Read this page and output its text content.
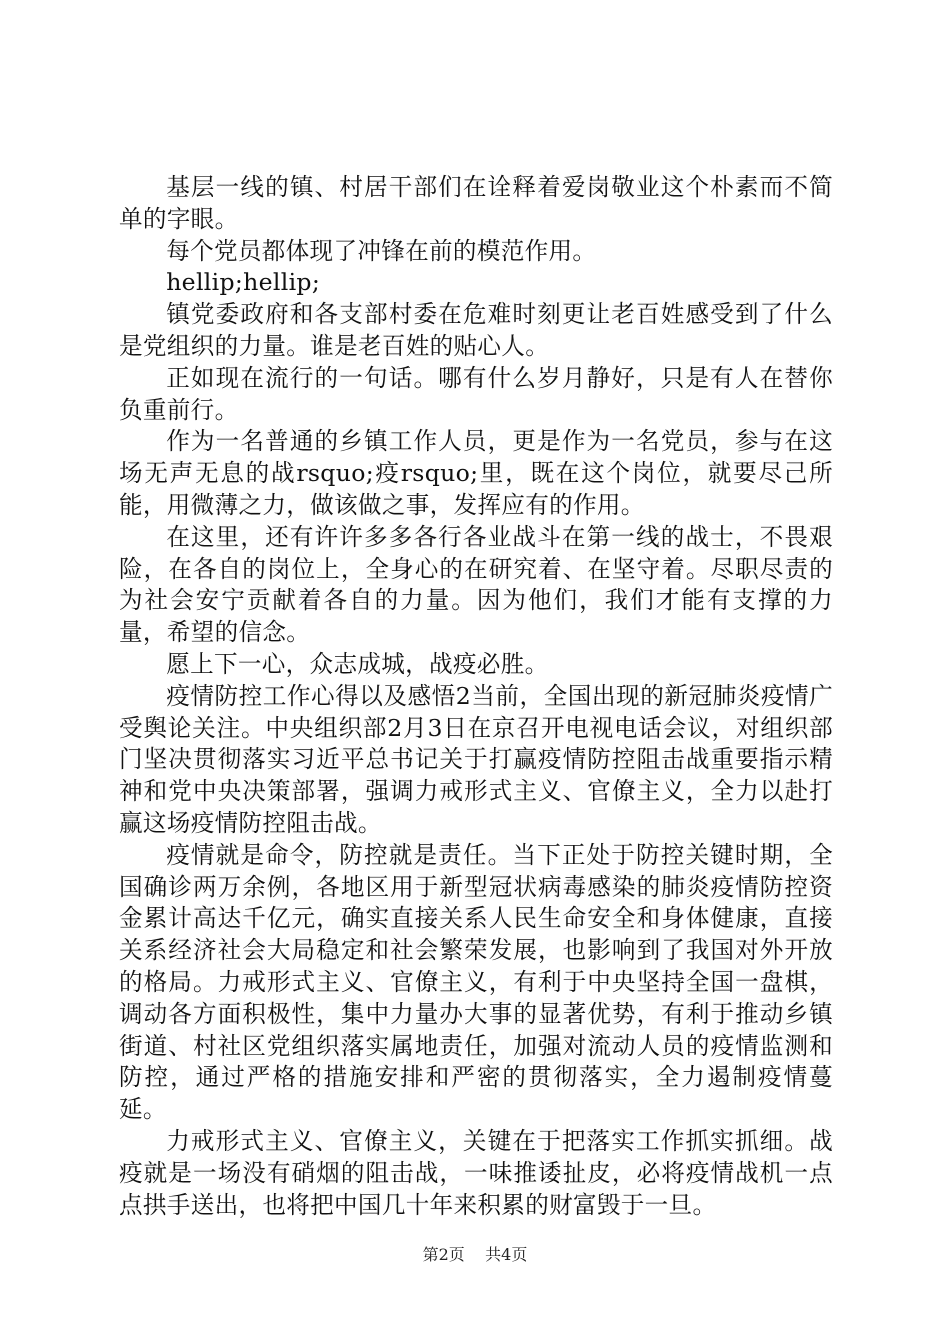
基层一线的镇、村居干部们在诠释着爱岗敬业这个朴素而不简单的字眼。

每个党员都体现了冲锋在前的模范作用。

hellip;hellip;

镇党委政府和各支部村委在危难时刻更让老百姓感受到了什么是党组织的力量。谁是老百姓的贴心人。

正如现在流行的一句话。哪有什么岁月静好，只是有人在替你负重前行。

作为一名普通的乡镇工作人员，更是作为一名党员，参与在这场无声无息的战rsquo;疫rsquo;里，既在这个岗位，就要尽己所能，用微薄之力，做该做之事，发挥应有的作用。

在这里，还有许许多多各行各业战斗在第一线的战士，不畏艰险，在各自的岗位上，全身心的在研究着、在坚守着。尽职尽责的为社会安宁贡献着各自的力量。因为他们，我们才能有支撑的力量，希望的信念。

愿上下一心，众志成城，战疫必胜。

疫情防控工作心得以及感悟2当前，全国出现的新冠肺炎疫情广受舆论关注。中央组织部2月3日在京召开电视电话会议，对组织部门坚决贯彻落实习近平总书记关于打赢疫情防控阻击战重要指示精神和党中央决策部署，强调力戒形式主义、官僚主义，全力以赴打赢这场疫情防控阻击战。

疫情就是命令，防控就是责任。当下正处于防控关键时期，全国确诊两万余例，各地区用于新型冠状病毒感染的肺炎疫情防控资金累计高达千亿元，确实直接关系人民生命安全和身体健康，直接关系经济社会大局稳定和社会繁荣发展，也影响到了我国对外开放的格局。力戒形式主义、官僚主义，有利于中央坚持全国一盘棋，调动各方面积极性，集中力量办大事的显著优势，有利于推动乡镇街道、村社区党组织落实属地责任，加强对流动人员的疫情监测和防控，通过严格的措施安排和严密的贯彻落实，全力遏制疫情蔓延。

力戒形式主义、官僚主义，关键在于把落实工作抓实抓细。战疫就是一场没有硝烟的阻击战，一味推诿扯皮，必将疫情战机一点点拱手送出，也将把中国几十年来积累的财富毁于一旦。

第2页 共4页
